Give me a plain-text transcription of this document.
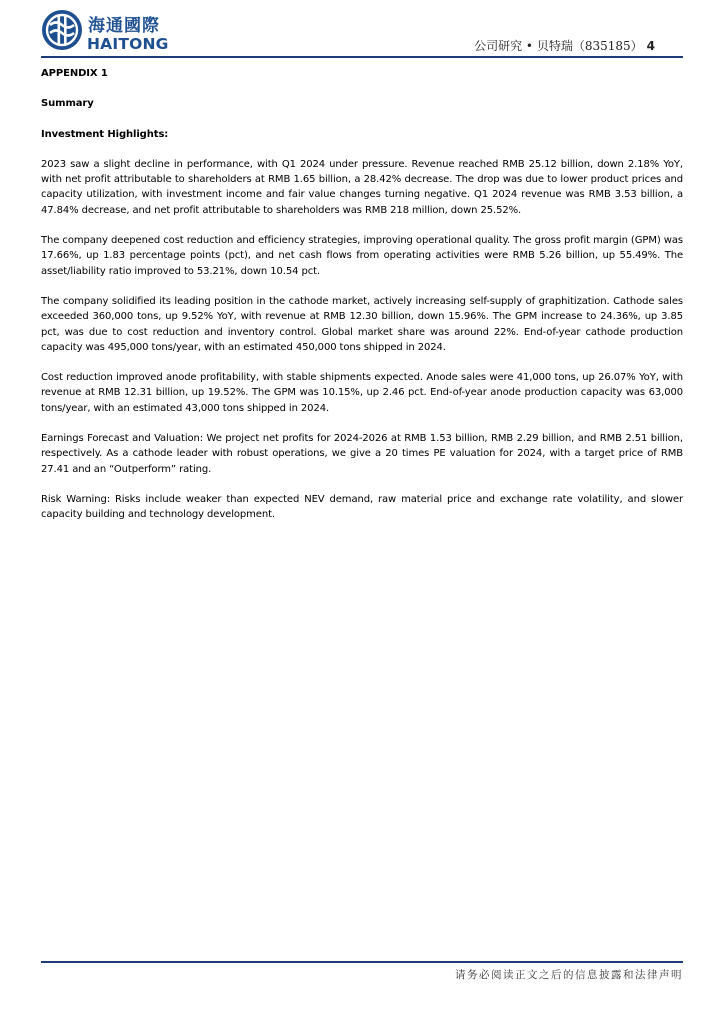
海通國際
HAITONG	公司研究 • 贝特瑞（835185） 4

APPENDIX 1

Summary

Investment Highlights:

2023 saw a slight decline in performance, with Q1 2024 under pressure. Revenue reached RMB 25.12 billion, down 2.18% YoY, with net profit attributable to shareholders at RMB 1.65 billion, a 28.42% decrease. The drop was due to lower product prices and capacity utilization, with investment income and fair value changes turning negative. Q1 2024 revenue was RMB 3.53 billion, a 47.84% decrease, and net profit attributable to shareholders was RMB 218 million, down 25.52%.

The company deepened cost reduction and efficiency strategies, improving operational quality. The gross profit margin (GPM) was 17.66%, up 1.83 percentage points (pct), and net cash flows from operating activities were RMB 5.26 billion, up 55.49%. The asset/liability ratio improved to 53.21%, down 10.54 pct.

The company solidified its leading position in the cathode market, actively increasing self-supply of graphitization. Cathode sales exceeded 360,000 tons, up 9.52% YoY, with revenue at RMB 12.30 billion, down 15.96%. The GPM increase to 24.36%, up 3.85 pct, was due to cost reduction and inventory control. Global market share was around 22%. End-of-year cathode production capacity was 495,000 tons/year, with an estimated 450,000 tons shipped in 2024.

Cost reduction improved anode profitability, with stable shipments expected. Anode sales were 41,000 tons, up 26.07% YoY, with revenue at RMB 12.31 billion, up 19.52%. The GPM was 10.15%, up 2.46 pct. End-of-year anode production capacity was 63,000 tons/year, with an estimated 43,000 tons shipped in 2024.

Earnings Forecast and Valuation: We project net profits for 2024-2026 at RMB 1.53 billion, RMB 2.29 billion, and RMB 2.51 billion, respectively. As a cathode leader with robust operations, we give a 20 times PE valuation for 2024, with a target price of RMB 27.41 and an “Outperform” rating.

Risk Warning: Risks include weaker than expected NEV demand, raw material price and exchange rate volatility, and slower capacity building and technology development.

请务必阅读正文之后的信息披露和法律声明
